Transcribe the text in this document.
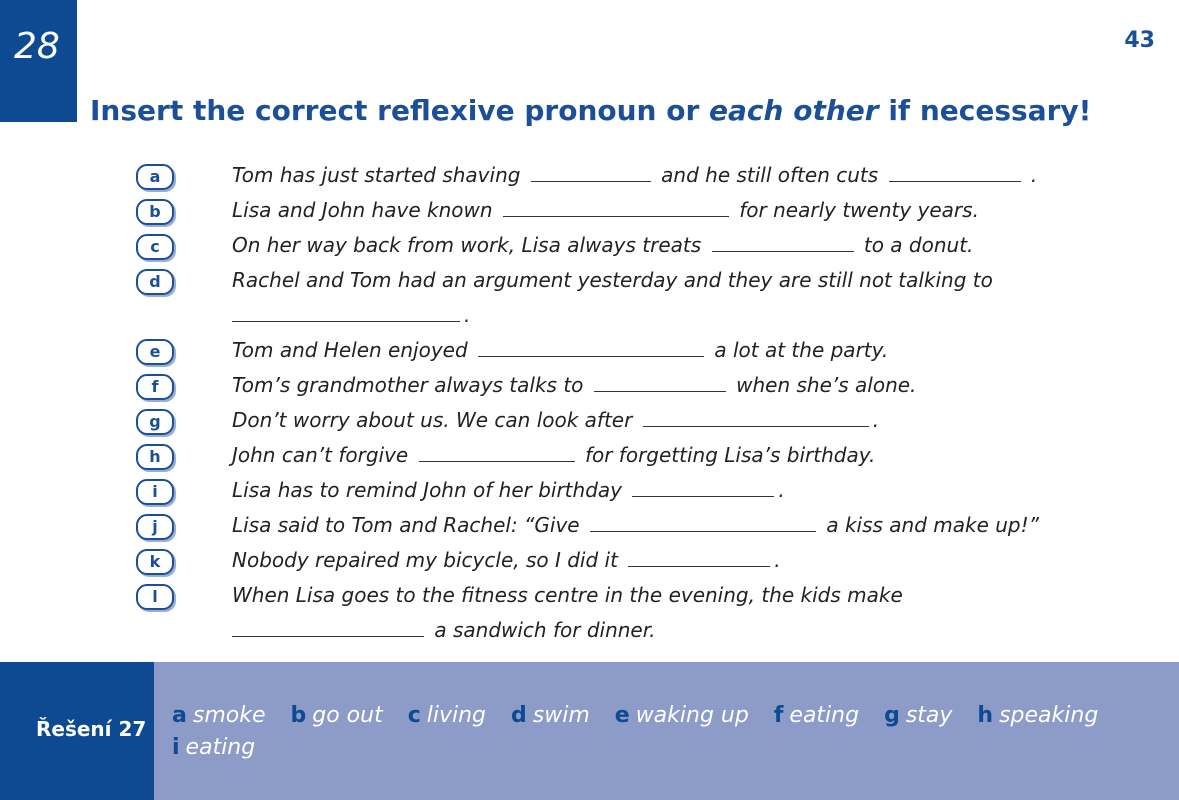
28	43
Insert the correct reflexive pronoun or each other if necessary!
a	Tom has just started shaving	and he still often cuts	.
b	Lisa and John have known	for nearly twenty years.
c	On her way back from work, Lisa always treats	to a donut.
d	Rachel and Tom had an argument yesterday and they are still not talking to
.
e	Tom and Helen enjoyed	a lot at the party.
f	Tom’s grandmother always talks to	when she’s alone.
g	Don’t worry about us. We can look after	.
h	John can’t forgive	for forgetting Lisa’s birthday.
i	Lisa has to remind John of her birthday	.
j	Lisa said to Tom and Rachel: “Give	a kiss and make up!”
k	Nobody repaired my bicycle, so I did it	.
l	When Lisa goes to the fitness centre in the evening, the kids make
a sandwich for dinner.
Řešení 27
a smoke b go out c living d swim e waking up f eating g stay h speaking
i eating
